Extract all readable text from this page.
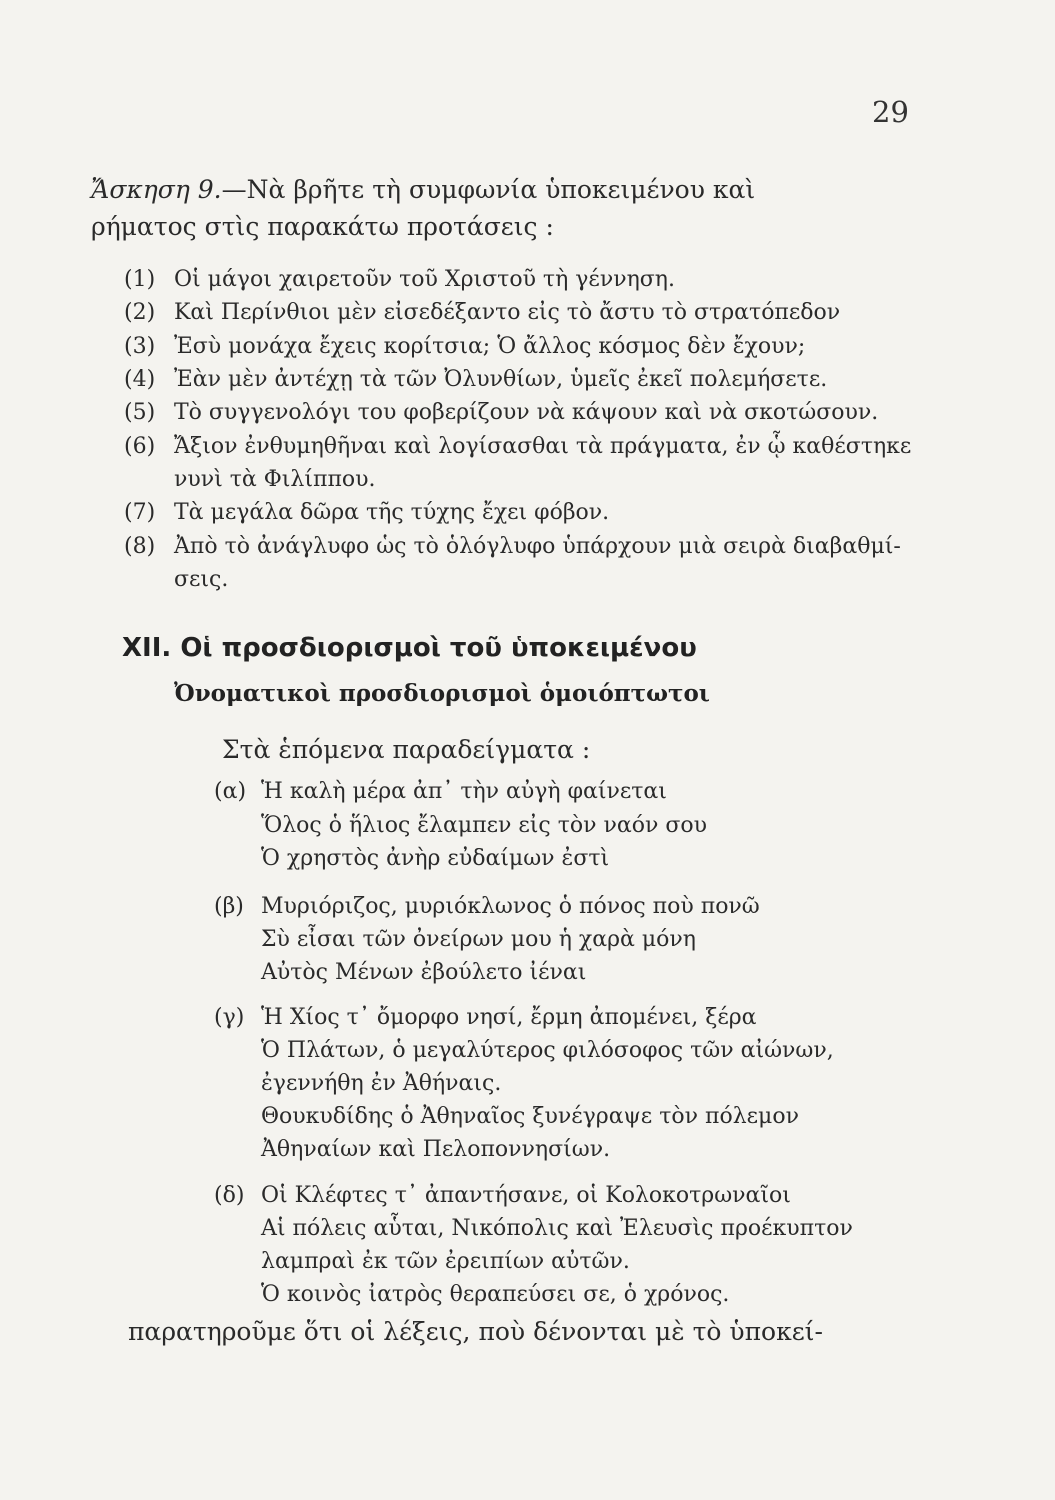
29
Ἄσκηση 9.—Νὰ βρῆτε τὴ συμφωνία ὑποκειμένου καὶ
ρήματος στὶς παρακάτω προτάσεις :
(1) Οἱ μάγοι χαιρετοῦν τοῦ Χριστοῦ τὴ γέννηση.
(2) Καὶ Περίνθιοι μὲν εἰσεδέξαντο εἰς τὸ ἄστυ τὸ στρατόπεδον
(3) Ἐσὺ μονάχα ἔχεις κορίτσια; Ὁ ἄλλος κόσμος δὲν ἔχουν;
(4) Ἐὰν μὲν ἀντέχῃ τὰ τῶν Ὀλυνθίων, ὑμεῖς ἐκεῖ πολεμήσετε.
(5) Τὸ συγγενολόγι του φοβερίζουν νὰ κάψουν καὶ νὰ σκοτώσουν.
(6) Ἄξιον ἐνθυμηθῆναι καὶ λογίσασθαι τὰ πράγματα, ἐν ᾧ καθέστηκε
νυνὶ τὰ Φιλίππου.
(7) Τὰ μεγάλα δῶρα τῆς τύχης ἔχει φόβον.
(8) Ἀπὸ τὸ ἀνάγλυφο ὡς τὸ ὁλόγλυφο ὑπάρχουν μιὰ σειρὰ διαβαθμί-
σεις.
XII. Οἱ προσδιορισμοὶ τοῦ ὑποκειμένου
Ὀνοματικοὶ προσδιορισμοὶ ὁμοιόπτωτοι
Στὰ ἑπόμενα παραδείγματα :
(α) Ἡ καλὴ μέρα ἀπ᾿ τὴν αὐγὴ φαίνεται
Ὅλος ὁ ἥλιος ἔλαμπεν εἰς τὸν ναόν σου
Ὁ χρηστὸς ἀνὴρ εὐδαίμων ἐστὶ
(β) Μυριόριζος, μυριόκλωνος ὁ πόνος ποὺ πονῶ
Σὺ εἶσαι τῶν ὀνείρων μου ἡ χαρὰ μόνη
Αὐτὸς Μένων ἐβούλετο ἰέναι
(γ) Ἡ Χίος τ᾿ ὄμορφο νησί, ἔρμη ἀπομένει, ξέρα
Ὁ Πλάτων, ὁ μεγαλύτερος φιλόσοφος τῶν αἰώνων,
ἐγεννήθη ἐν Ἀθήναις.
Θουκυδίδης ὁ Ἀθηναῖος ξυνέγραψε τὸν πόλεμον
Ἀθηναίων καὶ Πελοποννησίων.
(δ) Οἱ Κλέφτες τ᾿ ἀπαντήσανε, οἱ Κολοκοτρωναῖοι
Αἱ πόλεις αὗται, Νικόπολις καὶ Ἐλευσὶς προέκυπτον
λαμπραὶ ἐκ τῶν ἐρειπίων αὐτῶν.
Ὁ κοινὸς ἰατρὸς θεραπεύσει σε, ὁ χρόνος.
παρατηροῦμε ὅτι οἱ λέξεις, ποὺ δένονται μὲ τὸ ὑποκεί-
